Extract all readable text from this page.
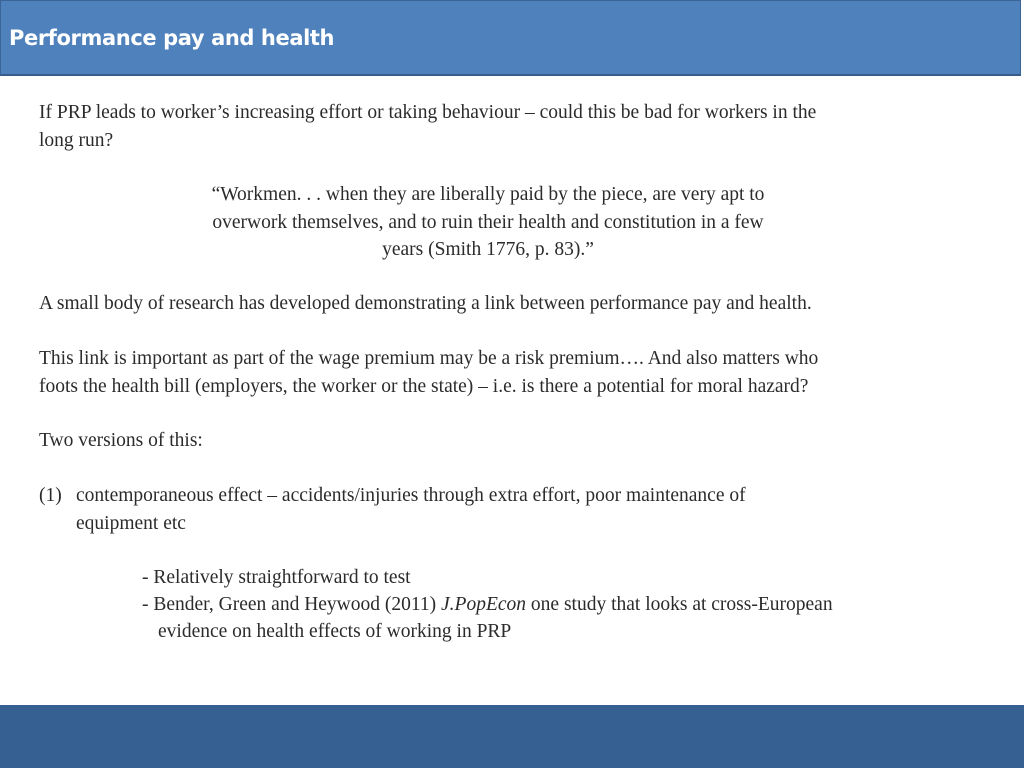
Performance pay and health
If PRP leads to worker’s increasing effort or taking behaviour – could this be bad for workers in the
long run?
“Workmen. . . when they are liberally paid by the piece, are very apt to
overwork themselves, and to ruin their health and constitution in a few
years (Smith 1776, p. 83).”
A small body of research has developed demonstrating a link between performance pay and health.
This link is important as part of the wage premium may be a risk premium…. And also matters who
foots the health bill (employers, the worker or the state) – i.e. is there a potential for moral hazard?
Two versions of this:
(1) contemporaneous effect – accidents/injuries through extra effort, poor maintenance of
equipment etc
- Relatively straightforward to test
- Bender, Green and Heywood (2011) J.PopEcon one study that looks at cross-European
evidence on health effects of working in PRP
